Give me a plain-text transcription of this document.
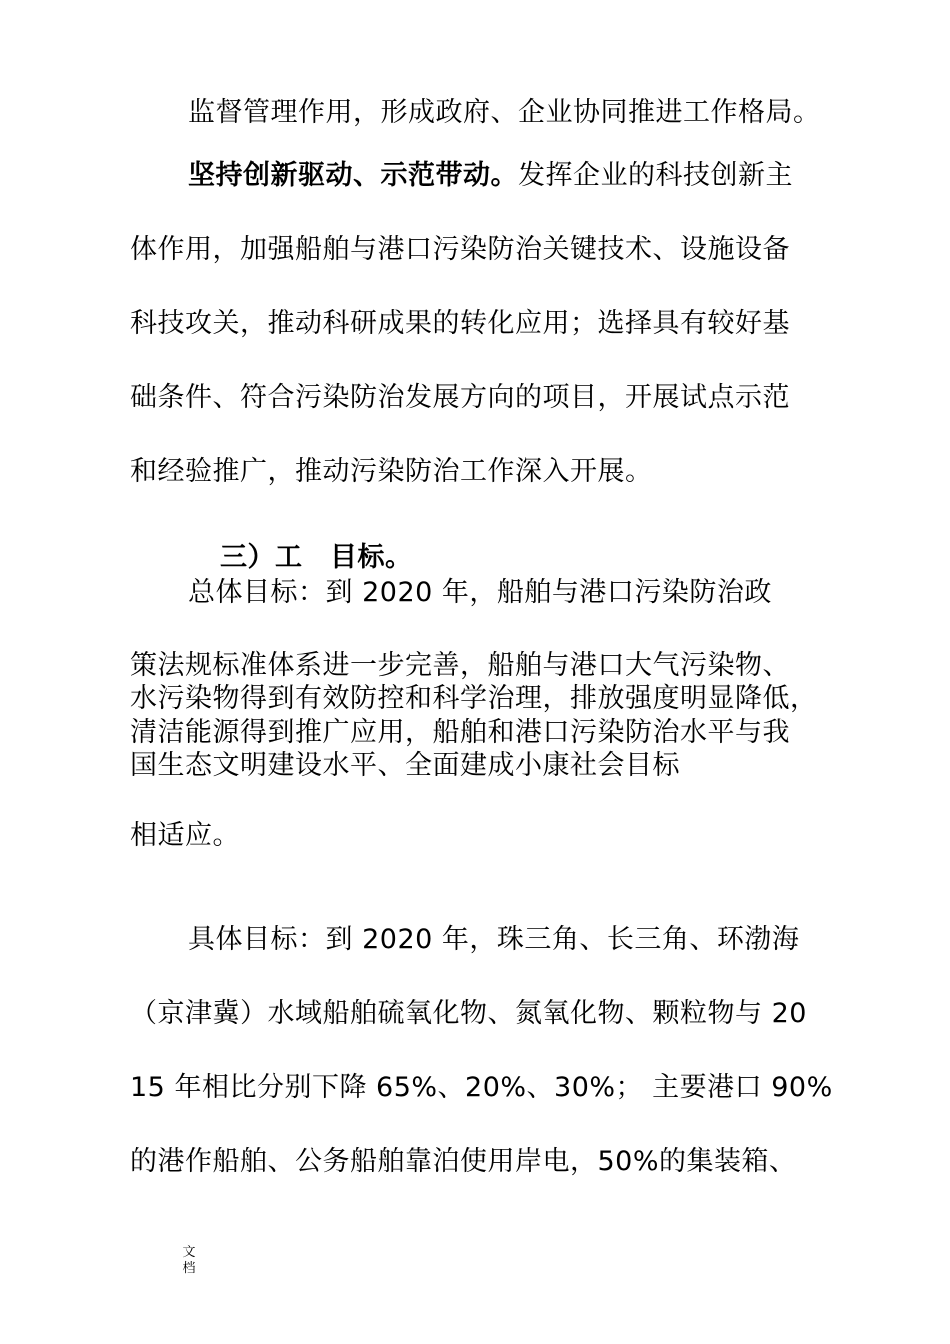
监督管理作用，形成政府、企业协同推进工作格局。

坚持创新驱动、示范带动。发挥企业的科技创新主

体作用，加强船舶与港口污染防治关键技术、设施设备

科技攻关，推动科研成果的转化应用；选择具有较好基

础条件、符合污染防治发展方向的项目，开展试点示范

和经验推广，推动污染防治工作深入开展。

三）工　目标。

总体目标：到 2020 年，船舶与港口污染防治政

策法规标准体系进一步完善，船舶与港口大气污染物、

水污染物得到有效防控和科学治理，排放强度明显降低，

清洁能源得到推广应用，船舶和港口污染防治水平与我

国生态文明建设水平、全面建成小康社会目标

相适应。

具体目标：到 2020 年，珠三角、长三角、环渤海

（京津冀）水域船舶硫氧化物、氮氧化物、颗粒物与 20

15 年相比分别下降 65%、20%、30%； 主要港口 90%

的港作船舶、公务船舶靠泊使用岸电，50%的集装箱、

文
档
